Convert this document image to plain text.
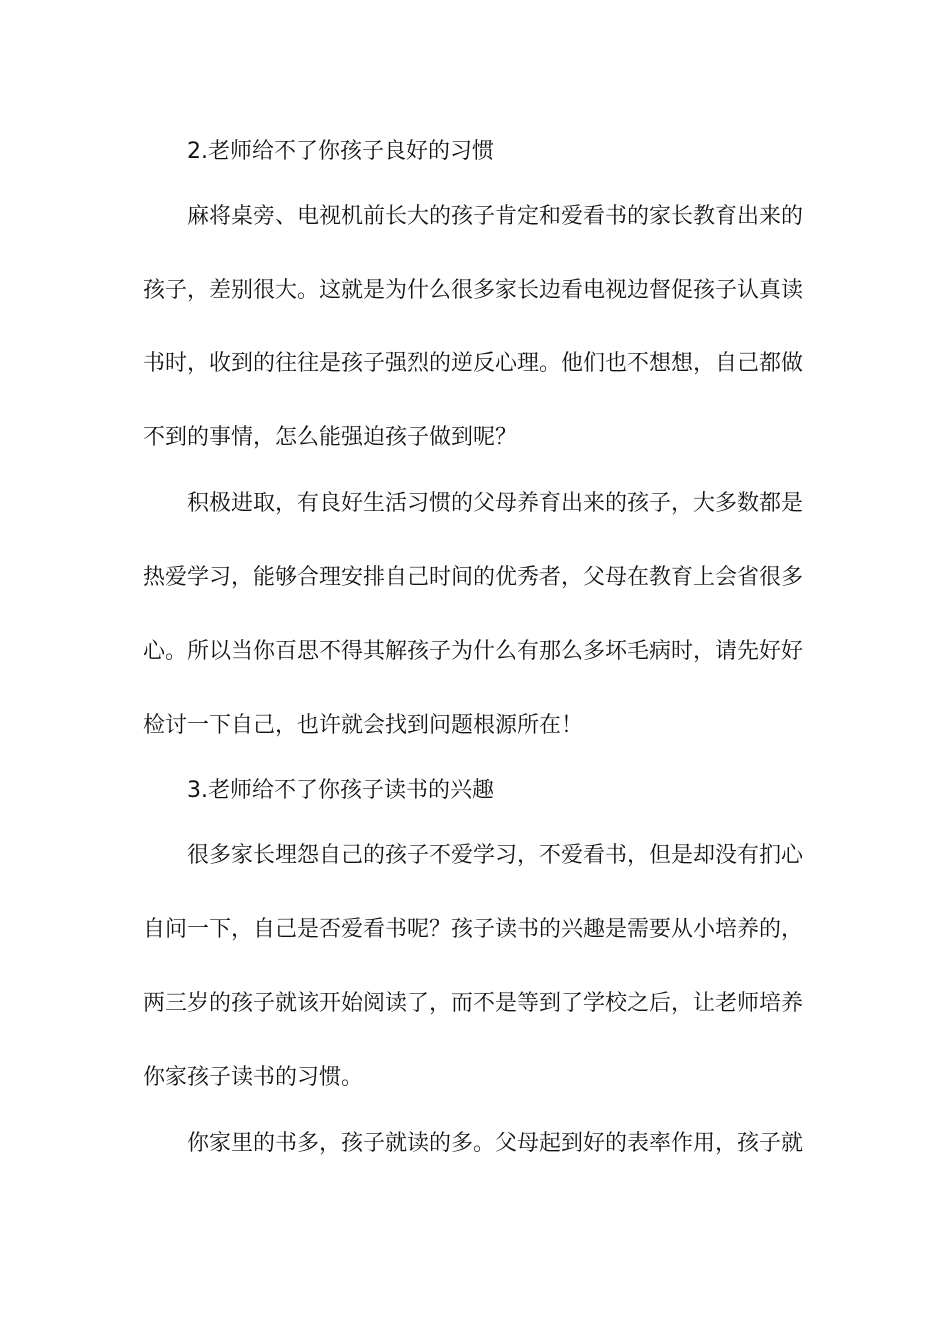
2.老师给不了你孩子良好的习惯
麻将桌旁、电视机前长大的孩子肯定和爱看书的家长教育出来的
孩子，差别很大。这就是为什么很多家长边看电视边督促孩子认真读
书时，收到的往往是孩子强烈的逆反心理。他们也不想想，自己都做
不到的事情，怎么能强迫孩子做到呢？
积极进取，有良好生活习惯的父母养育出来的孩子，大多数都是
热爱学习，能够合理安排自己时间的优秀者，父母在教育上会省很多
心。所以当你百思不得其解孩子为什么有那么多坏毛病时，请先好好
检讨一下自己，也许就会找到问题根源所在！
3.老师给不了你孩子读书的兴趣
很多家长埋怨自己的孩子不爱学习，不爱看书，但是却没有扪心
自问一下，自己是否爱看书呢？孩子读书的兴趣是需要从小培养的，
两三岁的孩子就该开始阅读了，而不是等到了学校之后，让老师培养
你家孩子读书的习惯。
你家里的书多，孩子就读的多。父母起到好的表率作用，孩子就
